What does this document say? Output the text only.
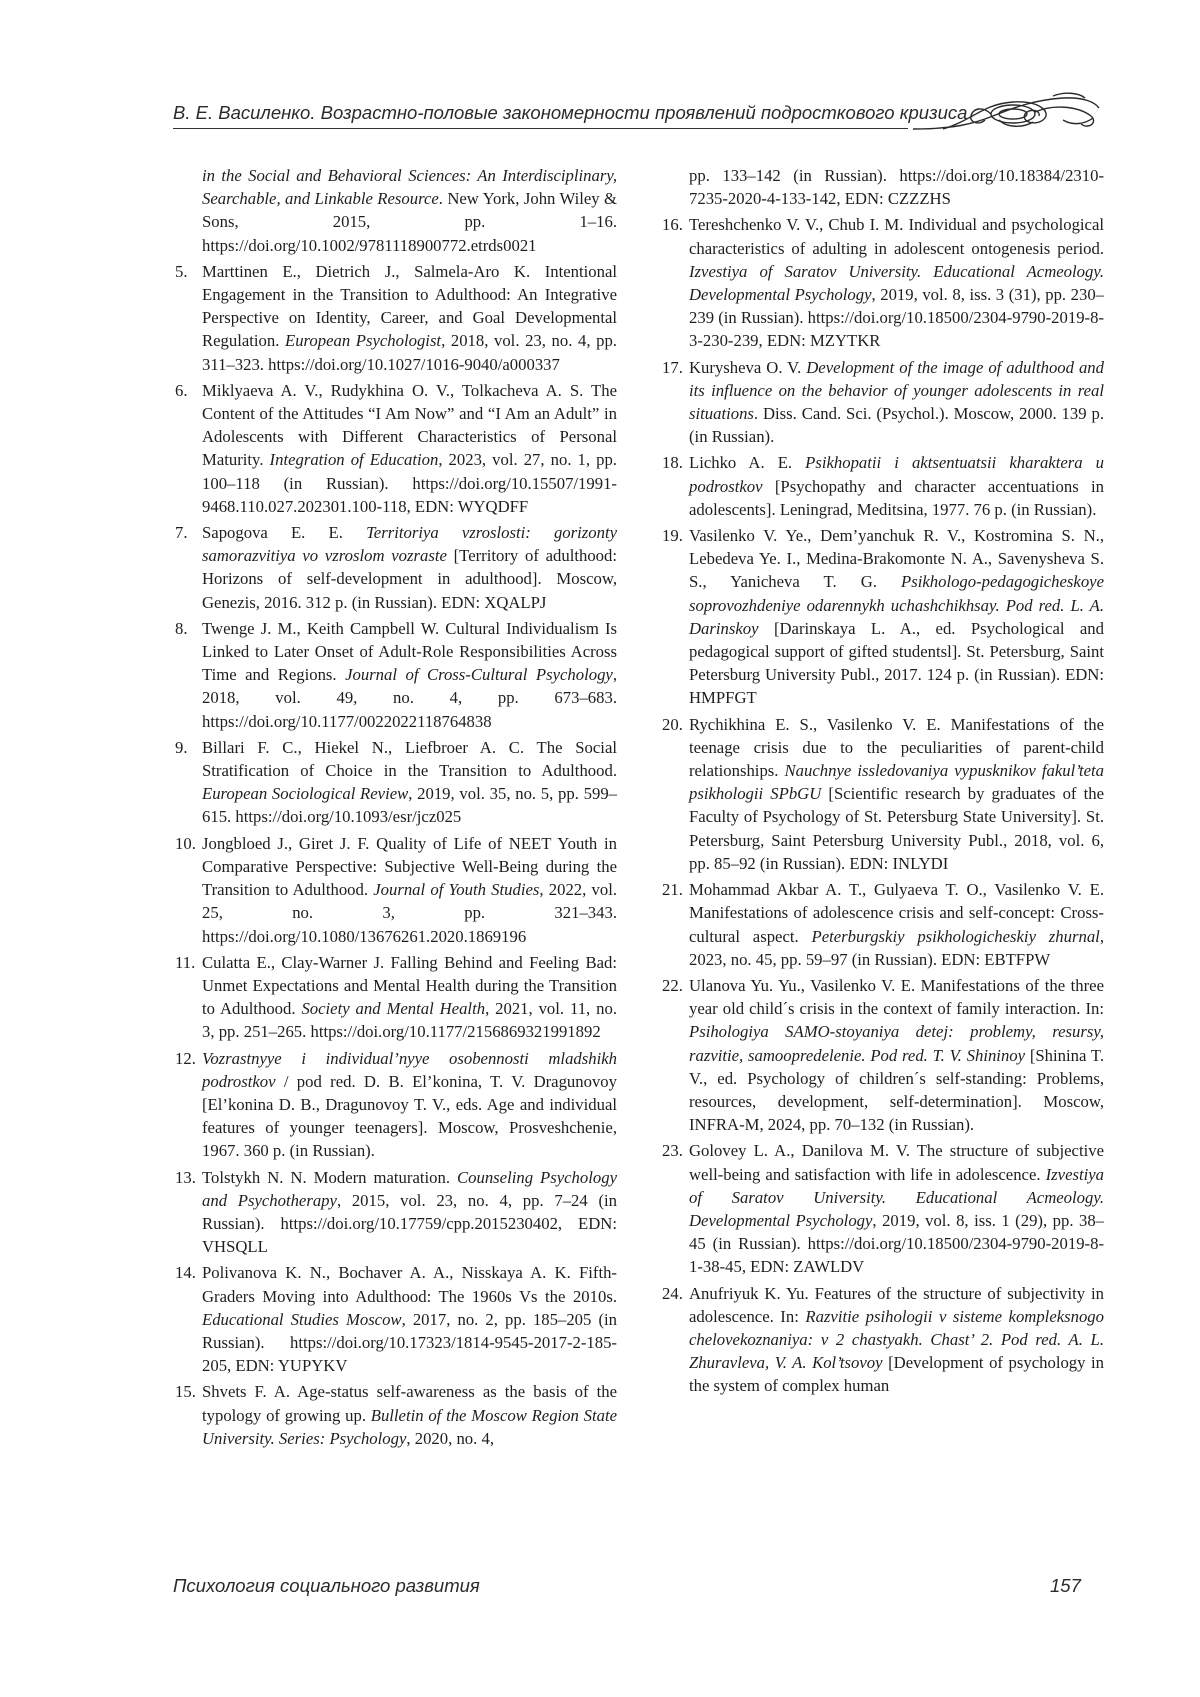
В. Е. Василенко. Возрастно-половые закономерности проявлений подросткового кризиса
in the Social and Behavioral Sciences: An Interdisciplinary, Searchable, and Linkable Resource. New York, John Wiley & Sons, 2015, pp. 1–16. https://doi.org/10.1002/9781118900772.etrds0021
5. Marttinen E., Dietrich J., Salmela-Aro K. Intentional Engagement in the Transition to Adulthood: An Integrative Perspective on Identity, Career, and Goal Developmental Regulation. European Psychologist, 2018, vol. 23, no. 4, pp. 311–323. https://doi.org/10.1027/1016-9040/a000337
6. Miklyaeva A. V., Rudykhina O. V., Tolkacheva A. S. The Content of the Attitudes “I Am Now” and “I Am an Adult” in Adolescents with Different Characteristics of Personal Maturity. Integration of Education, 2023, vol. 27, no. 1, pp. 100–118 (in Russian). https://doi.org/10.15507/1991-9468.110.027.202301.100-118, EDN: WYQDFF
7. Sapogova E. E. Territoriya vzroslosti: gorizonty samorazvitiya vo vzroslom vozraste [Territory of adulthood: Horizons of self-development in adulthood]. Moscow, Genezis, 2016. 312 p. (in Russian). EDN: XQALPJ
8. Twenge J. M., Keith Campbell W. Cultural Individualism Is Linked to Later Onset of Adult-Role Responsibilities Across Time and Regions. Journal of Cross-Cultural Psychology, 2018, vol. 49, no. 4, pp. 673–683. https://doi.org/10.1177/0022022118764838
9. Billari F. C., Hiekel N., Liefbroer A. C. The Social Stratification of Choice in the Transition to Adulthood. European Sociological Review, 2019, vol. 35, no. 5, pp. 599–615. https://doi.org/10.1093/esr/jcz025
10. Jongbloed J., Giret J. F. Quality of Life of NEET Youth in Comparative Perspective: Subjective Well-Being during the Transition to Adulthood. Journal of Youth Studies, 2022, vol. 25, no. 3, pp. 321–343. https://doi.org/10.1080/13676261.2020.1869196
11. Culatta E., Clay-Warner J. Falling Behind and Feeling Bad: Unmet Expectations and Mental Health during the Transition to Adulthood. Society and Mental Health, 2021, vol. 11, no. 3, pp. 251–265. https://doi.org/10.1177/2156869321991892
12. Vozrastnyye i individual’nyye osobennosti mladshikh podrostkov / pod red. D. B. El’konina, T. V. Dragunovoy [El’konina D. B., Dragunovoy T. V., eds. Age and individual features of younger teenagers]. Moscow, Prosveshchenie, 1967. 360 p. (in Russian).
13. Tolstykh N. N. Modern maturation. Counseling Psychology and Psychotherapy, 2015, vol. 23, no. 4, pp. 7–24 (in Russian). https://doi.org/10.17759/cpp.2015230402, EDN: VHSQLL
14. Polivanova K. N., Bochaver A. A., Nisskaya A. K. Fifth-Graders Moving into Adulthood: The 1960s Vs the 2010s. Educational Studies Moscow, 2017, no. 2, pp. 185–205 (in Russian). https://doi.org/10.17323/1814-9545-2017-2-185-205, EDN: YUPYKV
15. Shvets F. A. Age-status self-awareness as the basis of the typology of growing up. Bulletin of the Moscow Region State University. Series: Psychology, 2020, no. 4,
pp. 133–142 (in Russian). https://doi.org/10.18384/2310-7235-2020-4-133-142, EDN: CZZZHS
16. Tereshchenko V. V., Chub I. M. Individual and psychological characteristics of adulting in adolescent ontogenesis period. Izvestiya of Saratov University. Educational Acmeology. Developmental Psychology, 2019, vol. 8, iss. 3 (31), pp. 230–239 (in Russian). https://doi.org/10.18500/2304-9790-2019-8-3-230-239, EDN: MZYTKR
17. Kurysheva O. V. Development of the image of adulthood and its influence on the behavior of younger adolescents in real situations. Diss. Cand. Sci. (Psychol.). Moscow, 2000. 139 p. (in Russian).
18. Lichko A. E. Psikhopatii i aktsentuatsii kharaktera u podrostkov [Psychopathy and character accentuations in adolescents]. Leningrad, Meditsina, 1977. 76 p. (in Russian).
19. Vasilenko V. Ye., Dem’yanchuk R. V., Kostromina S. N., Lebedeva Ye. I., Medina-Brakomonte N. A., Savenysheva S. S., Yanicheva T. G. Psikhologo-pedagogicheskoye soprovozhdeniye odarennykh uchashchikhsay. Pod red. L. A. Darinskoy [Darinskaya L. A., ed. Psychological and pedagogical support of gifted studentsl]. St. Petersburg, Saint Petersburg University Publ., 2017. 124 p. (in Russian). EDN: HMPFGT
20. Rychikhina E. S., Vasilenko V. E. Manifestations of the teenage crisis due to the peculiarities of parent-child relationships. Nauchnye issledovaniya vypusknikov fakul’teta psikhologii SPbGU [Scientific research by graduates of the Faculty of Psychology of St. Petersburg State University]. St. Petersburg, Saint Petersburg University Publ., 2018, vol. 6, pp. 85–92 (in Russian). EDN: INLYDI
21. Mohammad Akbar A. T., Gulyaeva T. O., Vasilenko V. E. Manifestations of adolescence crisis and self-concept: Cross-cultural aspect. Peterburgskiy psikhologicheskiy zhurnal, 2023, no. 45, pp. 59–97 (in Russian). EDN: EBTFPW
22. Ulanova Yu. Yu., Vasilenko V. E. Manifestations of the three year old child´s crisis in the context of family interaction. In: Psihologiya SAMO-stoyaniya detej: problemy, resursy, razvitie, samoopredelenie. Pod red. T. V. Shininoy [Shinina T. V., ed. Psychology of children´s self-standing: Problems, resources, development, self-determination]. Moscow, INFRA-M, 2024, pp. 70–132 (in Russian).
23. Golovey L. A., Danilova M. V. The structure of subjective well-being and satisfaction with life in adolescence. Izvestiya of Saratov University. Educational Acmeology. Developmental Psychology, 2019, vol. 8, iss. 1 (29), pp. 38–45 (in Russian). https://doi.org/10.18500/2304-9790-2019-8-1-38-45, EDN: ZAWLDV
24. Anufriyuk K. Yu. Features of the structure of subjectivity in adolescence. In: Razvitie psihologii v sisteme kompleksnogo chelovekoznaniya: v 2 chastyakh. Chast’ 2. Pod red. A. L. Zhuravleva, V. A. Kol’tsovoy [Development of psychology in the system of complex human
Психология социального развития	157
